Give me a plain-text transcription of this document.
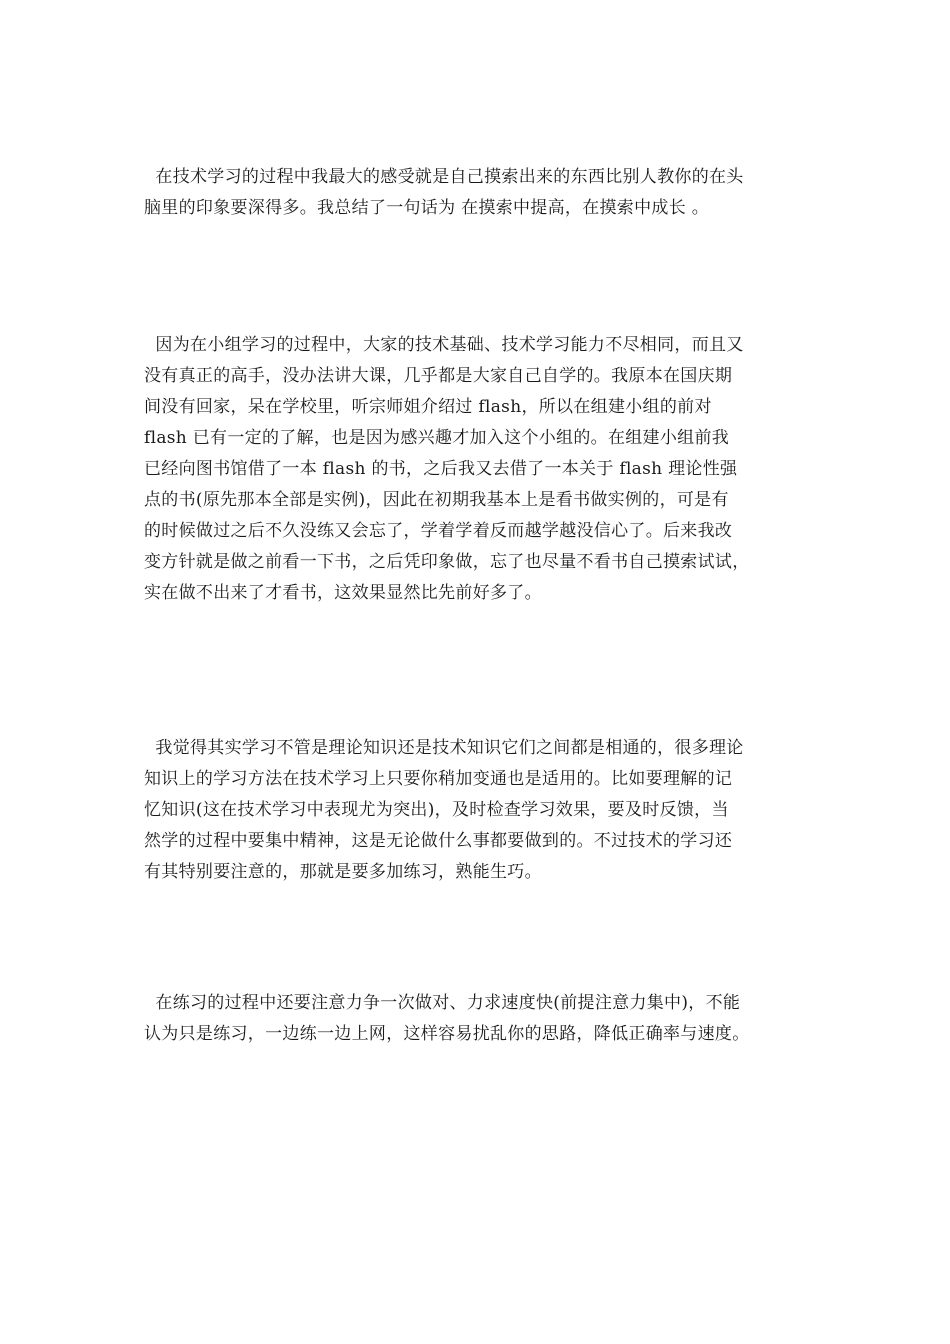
在技术学习的过程中我最大的感受就是自己摸索出来的东西比别人教你的在头
脑里的印象要深得多。我总结了一句话为 在摸索中提高，在摸索中成长 。
因为在小组学习的过程中，大家的技术基础、技术学习能力不尽相同，而且又
没有真正的高手，没办法讲大课，几乎都是大家自己自学的。我原本在国庆期
间没有回家，呆在学校里，听宗师姐介绍过 flash，所以在组建小组的前对
flash 已有一定的了解，也是因为感兴趣才加入这个小组的。在组建小组前我
已经向图书馆借了一本 flash 的书，之后我又去借了一本关于 flash 理论性强
点的书(原先那本全部是实例)，因此在初期我基本上是看书做实例的，可是有
的时候做过之后不久没练又会忘了，学着学着反而越学越没信心了。后来我改
变方针就是做之前看一下书，之后凭印象做，忘了也尽量不看书自己摸索试试，
实在做不出来了才看书，这效果显然比先前好多了。
我觉得其实学习不管是理论知识还是技术知识它们之间都是相通的，很多理论
知识上的学习方法在技术学习上只要你稍加变通也是适用的。比如要理解的记
忆知识(这在技术学习中表现尤为突出)，及时检查学习效果，要及时反馈，当
然学的过程中要集中精神，这是无论做什么事都要做到的。不过技术的学习还
有其特别要注意的，那就是要多加练习，熟能生巧。
在练习的过程中还要注意力争一次做对、力求速度快(前提注意力集中)，不能
认为只是练习，一边练一边上网，这样容易扰乱你的思路，降低正确率与速度。
